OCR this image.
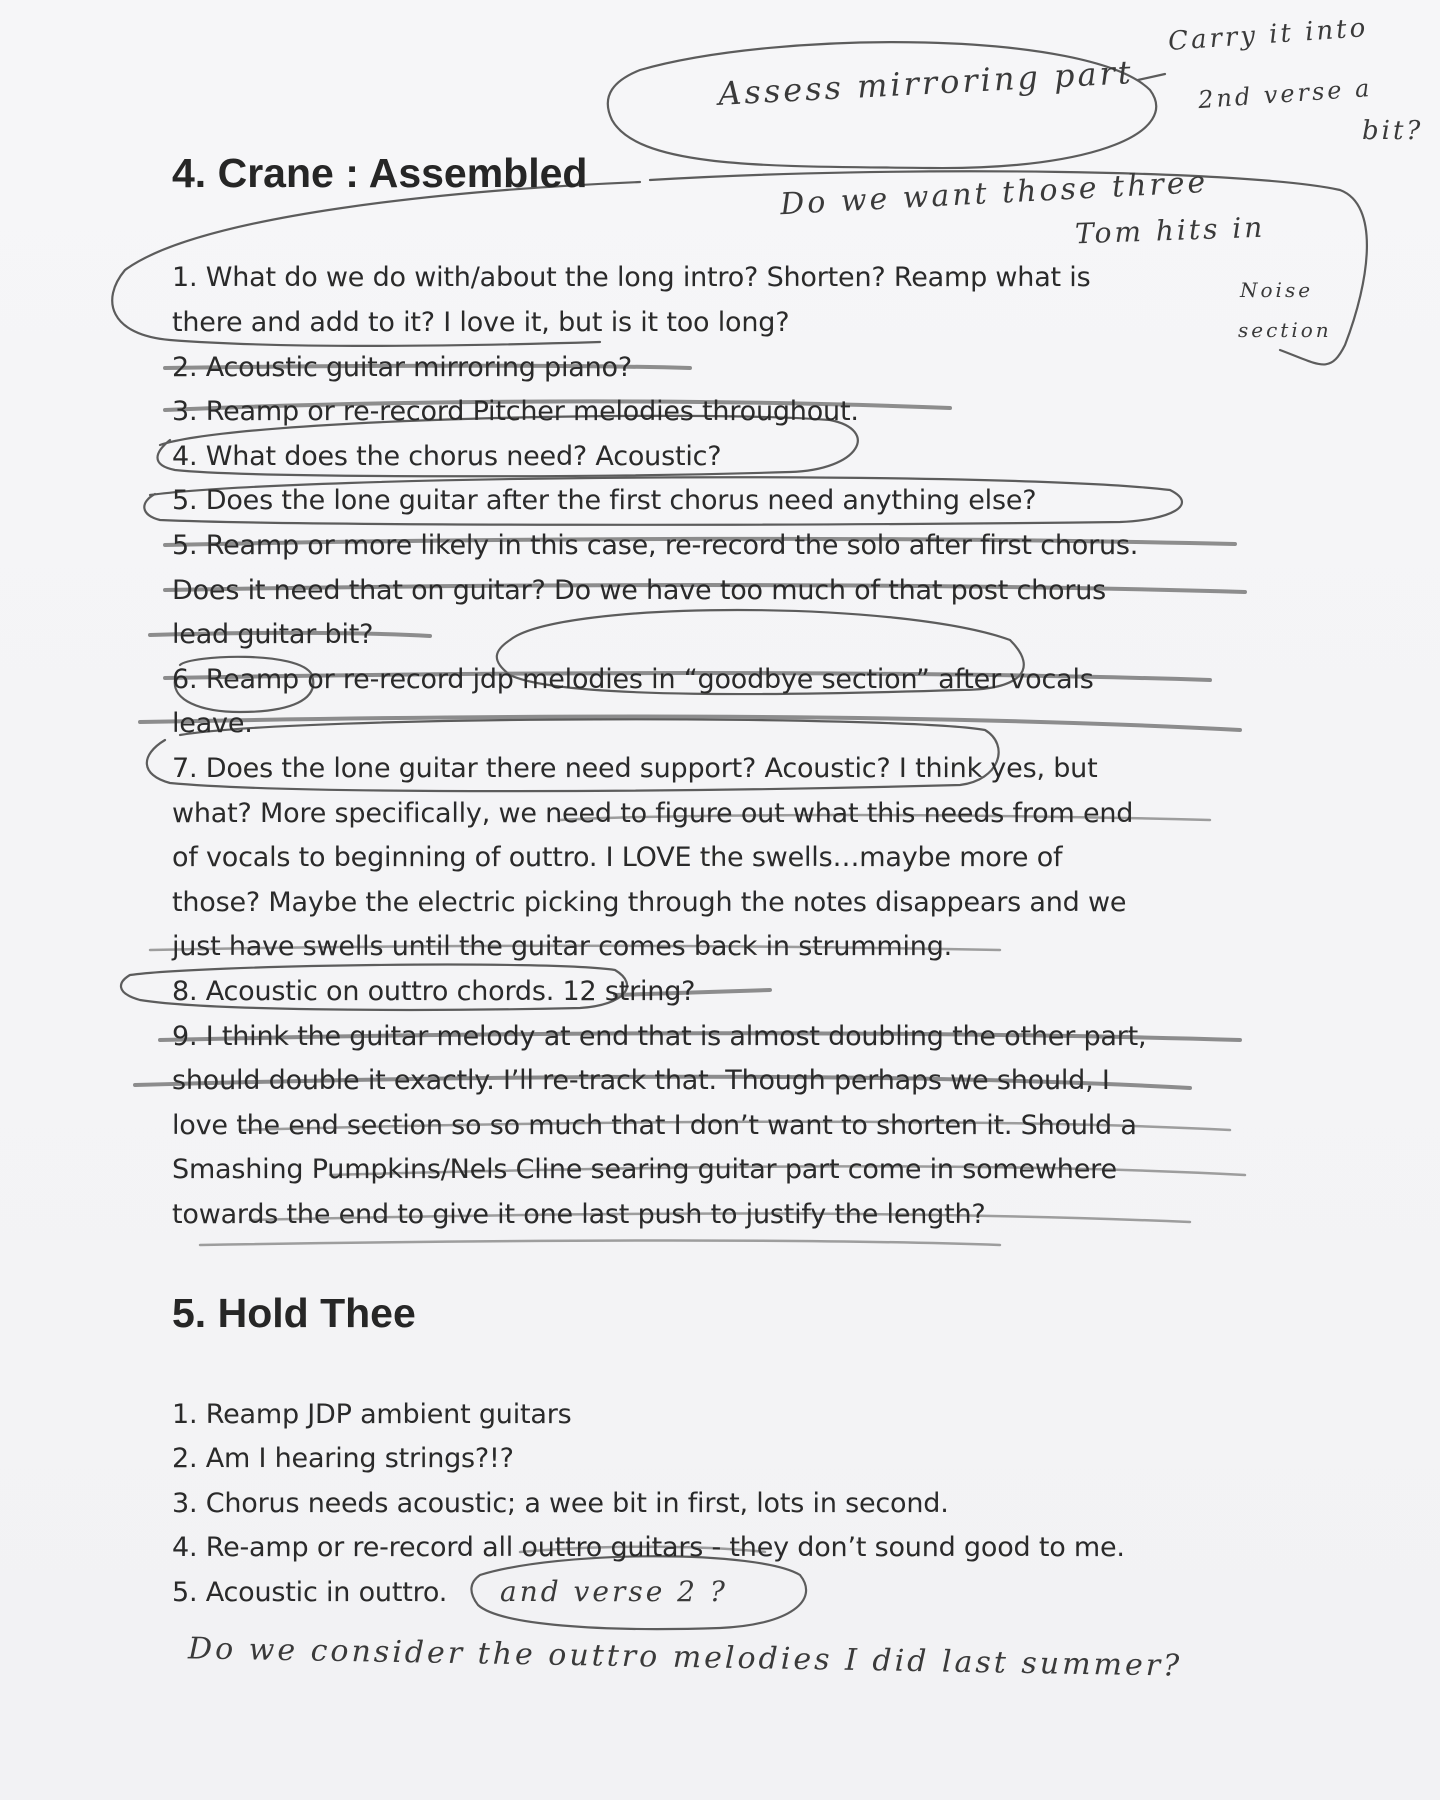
Assess mirroring part
Carry it into
2nd verse a
bit?
Do we want those three
Tom hits in
Noise
section
4. Crane : Assembled
1. What do we do with/about the long intro? Shorten? Reamp what is
there and add to it? I love it, but is it too long?
2. Acoustic guitar mirroring piano?
3. Reamp or re-record Pitcher melodies throughout.
4. What does the chorus need? Acoustic?
5. Does the lone guitar after the first chorus need anything else?
5. Reamp or more likely in this case, re-record the solo after first chorus.
Does it need that on guitar? Do we have too much of that post chorus
lead guitar bit?
6. Reamp or re-record jdp melodies in “goodbye section” after vocals
leave.
7. Does the lone guitar there need support? Acoustic? I think yes, but
what? More specifically, we need to figure out what this needs from end
of vocals to beginning of outtro. I LOVE the swells…maybe more of
those? Maybe the electric picking through the notes disappears and we
just have swells until the guitar comes back in strumming.
8. Acoustic on outtro chords. 12 string?
9. I think the guitar melody at end that is almost doubling the other part,
should double it exactly. I’ll re-track that. Though perhaps we should, I
love the end section so so much that I don’t want to shorten it. Should a
Smashing Pumpkins/Nels Cline searing guitar part come in somewhere
towards the end to give it one last push to justify the length?
5. Hold Thee
1. Reamp JDP ambient guitars
2. Am I hearing strings?!?
3. Chorus needs acoustic; a wee bit in first, lots in second.
4. Re-amp or re-record all outtro guitars - they don’t sound good to me.
5. Acoustic in outtro. and verse 2 ?
Do we consider the outtro melodies I did last summer?
